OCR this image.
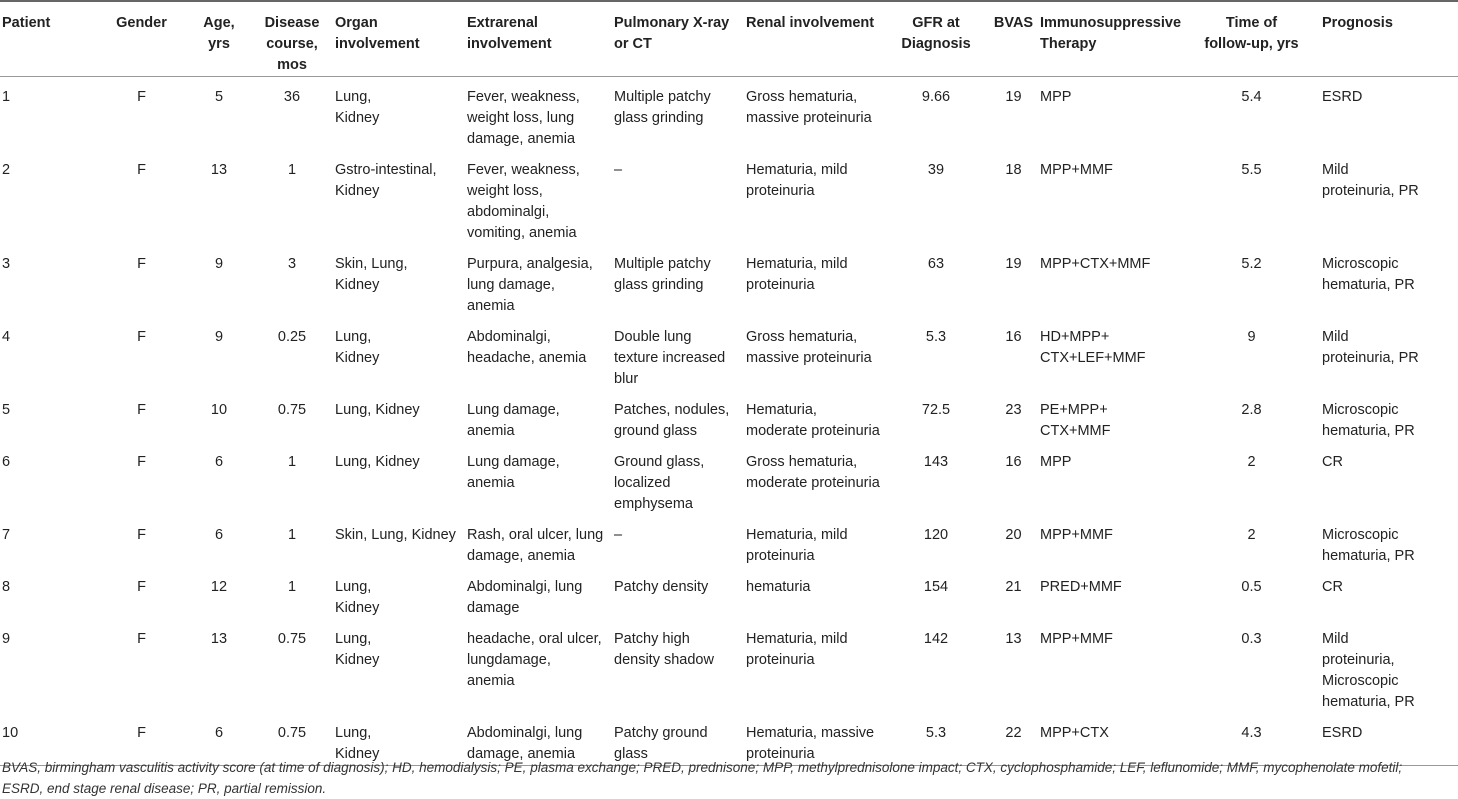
Patient	Gender	Age,
yrs	Disease
course,
mos	Organ
involvement	Extrarenal
involvement	Pulmonary X-ray
or CT	Renal involvement	GFR at
Diagnosis	BVAS	Immunosuppressive
Therapy	Time of
follow-up, yrs	Prognosis

1	F	5	36	Lung,
Kidney	Fever, weakness,
weight loss, lung
damage, anemia	Multiple patchy
glass grinding	Gross hematuria,
massive proteinuria	9.66	19	MPP	5.4	ESRD

2	F	13	1	Gstro-intestinal,
Kidney	Fever, weakness,
weight loss,
abdominalgi,
vomiting, anemia	–	Hematuria, mild
proteinuria	39	18	MPP+MMF	5.5	Mild
proteinuria, PR

3	F	9	3	Skin, Lung,
Kidney	Purpura, analgesia,
lung damage,
anemia	Multiple patchy
glass grinding	Hematuria, mild
proteinuria	63	19	MPP+CTX+MMF	5.2	Microscopic
hematuria, PR

4	F	9	0.25	Lung,
Kidney	Abdominalgi,
headache, anemia	Double lung
texture increased
blur	Gross hematuria,
massive proteinuria	5.3	16	HD+MPP+
CTX+LEF+MMF	9	Mild
proteinuria, PR

5	F	10	0.75	Lung, Kidney	Lung damage,
anemia	Patches, nodules,
ground glass	Hematuria,
moderate proteinuria	72.5	23	PE+MPP+
CTX+MMF	2.8	Microscopic
hematuria, PR

6	F	6	1	Lung, Kidney	Lung damage,
anemia	Ground glass,
localized
emphysema	Gross hematuria,
moderate proteinuria	143	16	MPP	2	CR

7	F	6	1	Skin, Lung, Kidney	Rash, oral ulcer, lung
damage, anemia	–	Hematuria, mild
proteinuria	120	20	MPP+MMF	2	Microscopic
hematuria, PR

8	F	12	1	Lung,
Kidney	Abdominalgi, lung
damage	Patchy density	hematuria	154	21	PRED+MMF	0.5	CR

9	F	13	0.75	Lung,
Kidney	headache, oral ulcer,
lungdamage,
anemia	Patchy high
density shadow	Hematuria, mild
proteinuria	142	13	MPP+MMF	0.3	Mild
proteinuria,
Microscopic
hematuria, PR

10	F	6	0.75	Lung,
Kidney	Abdominalgi, lung
damage, anemia	Patchy ground
glass	Hematuria, massive
proteinuria	5.3	22	MPP+CTX	4.3	ESRD
BVAS, birmingham vasculitis activity score (at time of diagnosis); HD, hemodialysis; PE, plasma exchange; PRED, prednisone; MPP, methylprednisolone impact; CTX, cyclophosphamide; LEF, leflunomide; MMF, mycophenolate mofetil;
ESRD, end stage renal disease; PR, partial remission.
